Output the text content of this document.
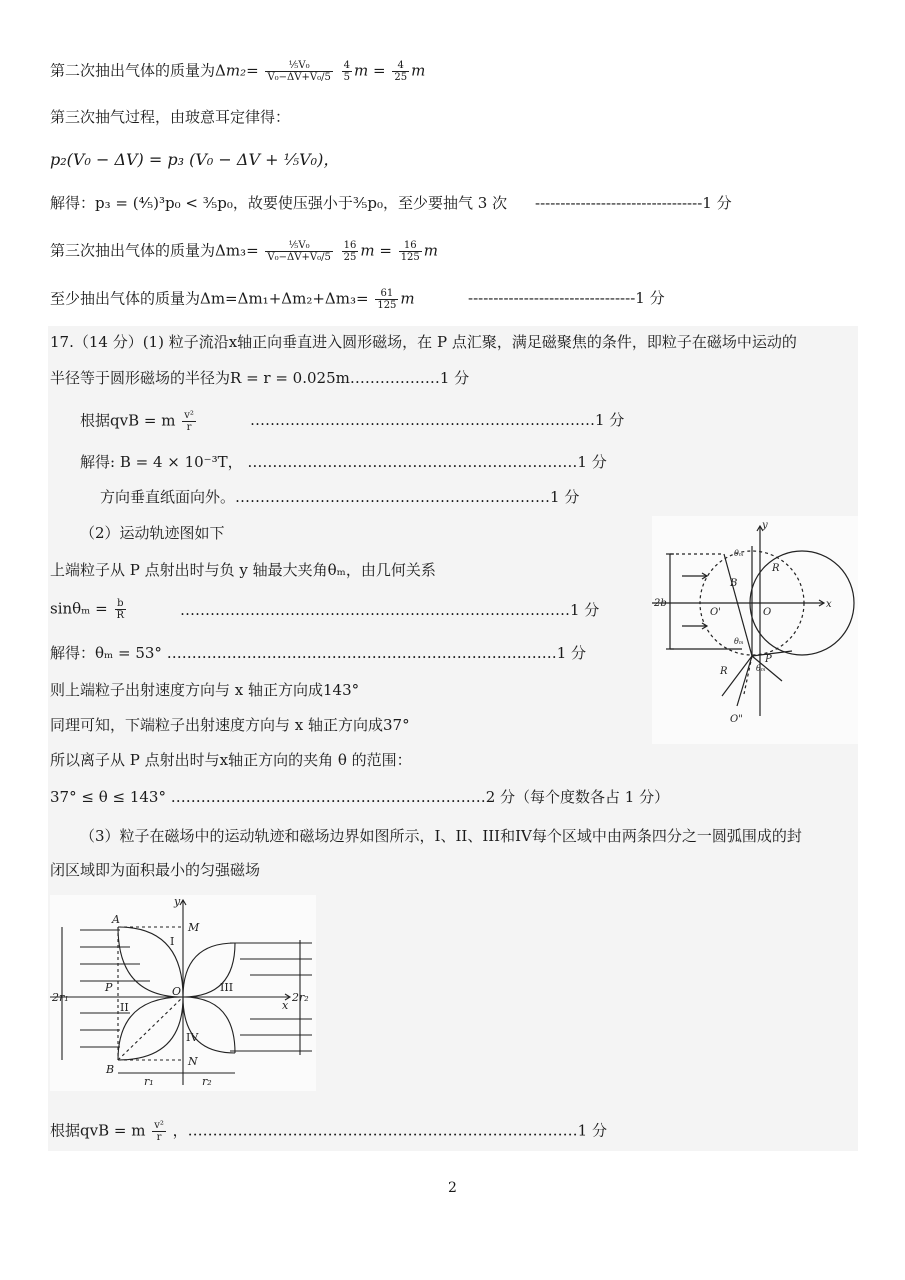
第二次抽出气体的质量为$\Delta m_2= \frac{\text{⅕V₀}}{\text{V₀−ΔV+V₀/5}}$
$\frac{4}{5}$ $m = \frac{4}{25}$ m
第三次抽气过程，由玻意耳定律得：
p₂(V₀ − ΔV) = p₃ (V₀ − ΔV + ⅕V₀)，
解得：p₃ = (⅘)³p₀ < ⅗p₀，故要使压强小于⅗p₀，至少要抽气 3 次 ---------------------------------1 分
第三次抽出气体的质量为$\Delta m_3= \frac{\text{⅕V₀}}{\text{V₀−ΔV+V₀/5}}$
$\frac{16}{25}$ $m = \frac{16}{125}$ m
至少抽出气体的质量为$\Delta m=\Delta m_1+\Delta m_2+\Delta m_3= \frac{61}{125}$ m	---------------------------------1 分
17.（14 分）(1) 粒子流沿x轴正向垂直进入圆形磁场，在 P 点汇聚，满足磁聚焦的条件，即粒子在磁场中运动的
半径等于圆形磁场的半径为R = r = 0.025m………………1 分
根据qvB = m $\frac{\text{v²}}{r}$	……………………………………………………………1 分
解得: B = 4 × 10⁻³T， …………………………………………………………1 分
方向垂直纸面向外。………………………………………………………1 分
（2）运动轨迹图如下
上端粒子从 P 点射出时与负 y 轴最大夹角θₘ，由几何关系
$\sin\theta_m = \frac{b}{R}$	……………………………………………………………………1 分
解得：θₘ = 53° ……………………………………………………………………1 分
则上端粒子出射速度方向与 x 轴正方向成143°
同理可知，下端粒子出射速度方向与 x 轴正方向成37°
所以离子从 P 点射出时与x轴正方向的夹角 θ 的范围：
37° ≤ θ ≤ 143° ………………………………………………………2 分（每个度数各占 1 分）
（3）粒子在磁场中的运动轨迹和磁场边界如图所示，I、II、III和IV每个区域中由两条四分之一圆弧围成的封
闭区域即为面积最小的匀强磁场
根据qvB = m $\frac{\text{v²}}{r}$ ，……………………………………………………………………1 分
y
x
O
O'
O"
P
R
R
B
2b
θₘ
θₘ
θₘ
y
x
A
B
M
N
O
P
2r₁	2r₂
r₁	r₂
I
II
III
IV
2
